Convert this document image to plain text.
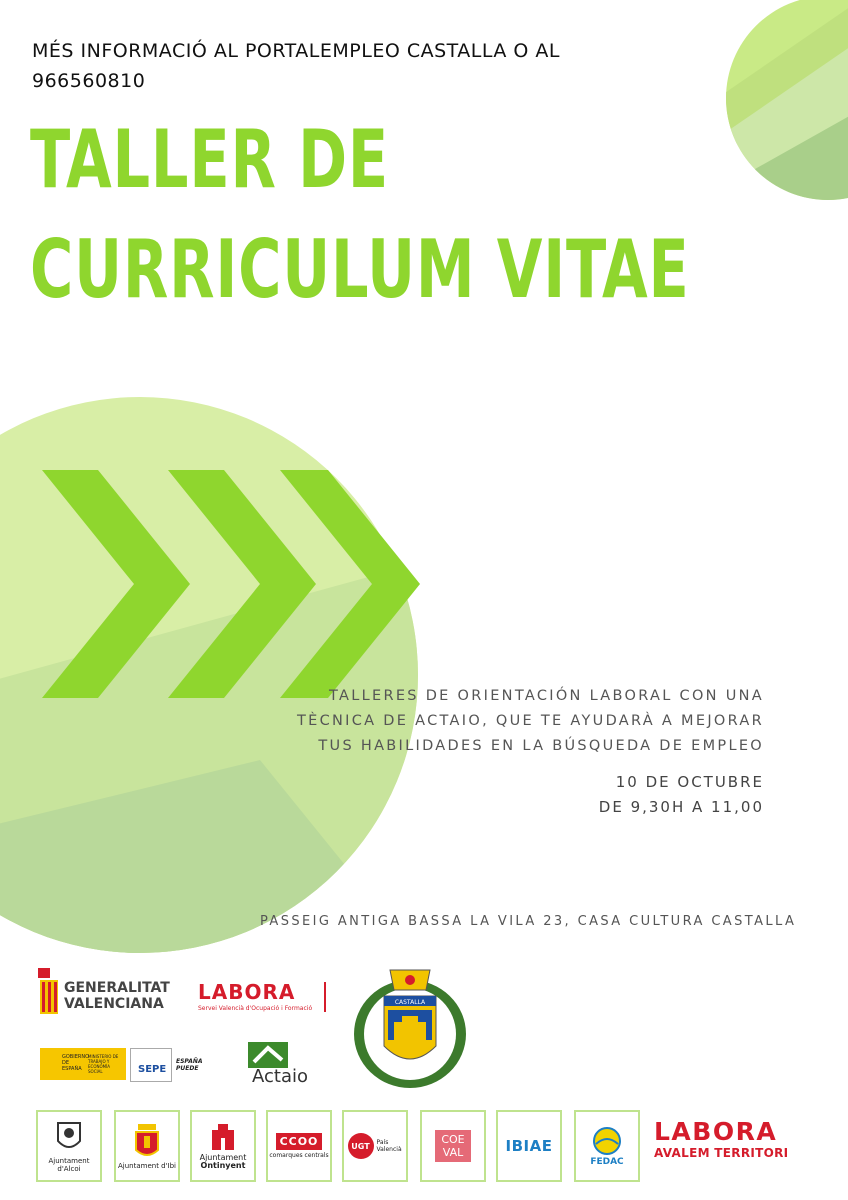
MÉS INFORMACIÓ AL PORTALEMPLEO CASTALLA O AL
966560810
TALLER DE
CURRICULUM VITAE
TALLERES DE ORIENTACIÓN LABORAL CON UNA
TÈCNICA DE ACTAIO, QUE TE AYUDARÀ A MEJORAR
TUS HABILIDADES EN LA BÚSQUEDA DE EMPLEO
10 DE OCTUBRE
DE 9,30H A 11,00
PASSEIG ANTIGA BASSA LA VILA 23, CASA CULTURA CASTALLA
GENERALITAT
VALENCIANA	LABORA
Servei Valencià d'Ocupació i Formació
CASTALLA
GOBIERNO DE ESPAÑA
MINISTERIO DE TRABAJO Y ECONOMÍA SOCIAL	SEPE
ESPAÑA PUEDE	Actaio
Ajuntament d'Alcoi	Ajuntament d'Ibi
Ajuntament
Ontinyent
CCOO
comarques centrals
UGT	País Valencià
COE
VAL	IBIAE
FEDAC
LABORA
AVALEM TERRITORI
